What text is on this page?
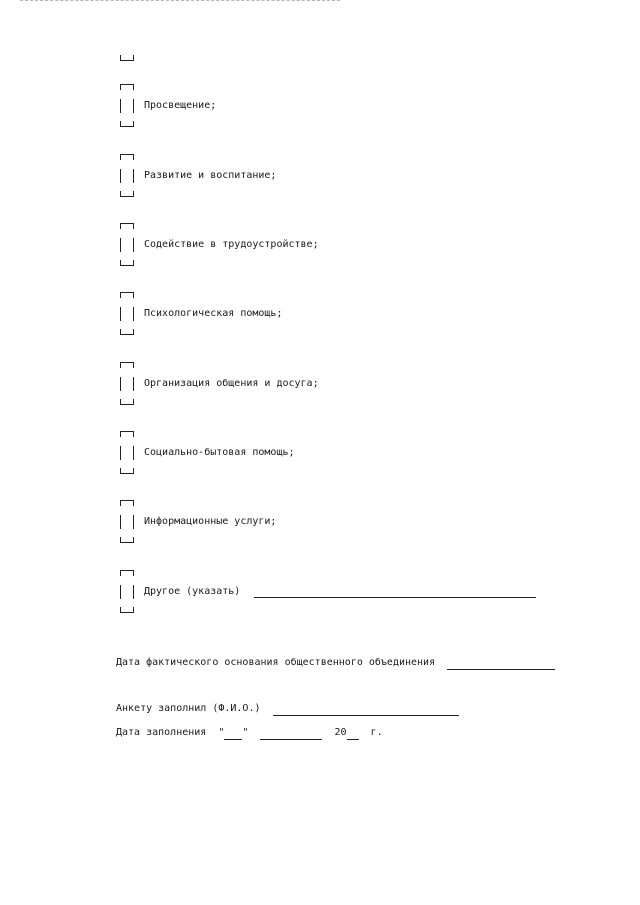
Просвещение;
Развитие и воспитание;
Содействие в трудоустройстве;
Психологическая помощь;
Организация общения и досуга;
Социально-бытовая помощь;
Информационные услуги;
Другое (указать)
Дата фактического основания общественного объединения
Анкету заполнил (Ф.И.О.)
Дата заполнения " "	20 г.
